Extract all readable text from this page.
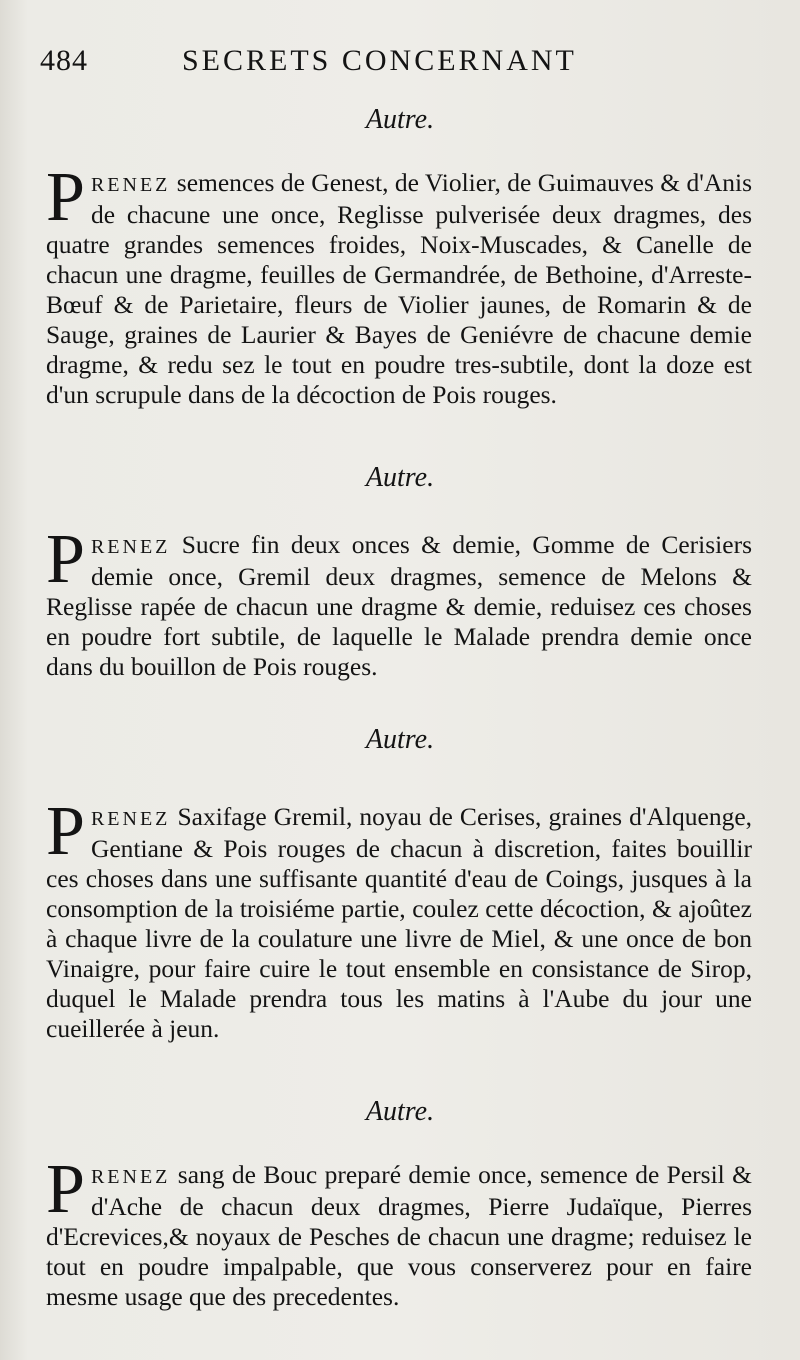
484	SECRETS CONCERNANT
Autre.
P RENEZ semences de Genest, de Violier, de Guimauves & d'Anis de chacune une once, Reglisse pulverisée deux dragmes, des quatre grandes semences froides, Noix-Muscades, & Canelle de chacun une dragme, feuilles de Germandrée, de Bethoine, d'Arreste-Bœuf & de Parietaire, fleurs de Violier jaunes, de Romarin & de Sauge, graines de Laurier & Bayes de Geniévre de chacune demie dragme, & redu sez le tout en poudre tres-subtile, dont la doze est d'un scrupule dans de la décoction de Pois rouges.
Autre.
P RENEZ Sucre fin deux onces & demie, Gomme de Cerisiers demie once, Gremil deux dragmes, semence de Melons & Reglisse rapée de chacun une dragme & demie, reduisez ces choses en poudre fort subtile, de laquelle le Malade prendra demie once dans du bouillon de Pois rouges.
Autre.
P RENEZ Saxifage Gremil, noyau de Cerises, graines d'Alquenge, Gentiane & Pois rouges de chacun à discretion, faites bouillir ces choses dans une suffisante quantité d'eau de Coings, jusques à la consomption de la troisiéme partie, coulez cette décoction, & ajoûtez à chaque livre de la coulature une livre de Miel, & une once de bon Vinaigre, pour faire cuire le tout ensemble en consistance de Sirop, duquel le Malade prendra tous les matins à l'Aube du jour une cueillerée à jeun.
Autre.
P RENEZ sang de Bouc preparé demie once, semence de Persil & d'Ache de chacun deux dragmes, Pierre Judaïque, Pierres d'Ecrevices,& noyaux de Pesches de chacun une dragme; reduisez le tout en poudre impalpable, que vous conserverez pour en faire mesme usage que des precedentes.
